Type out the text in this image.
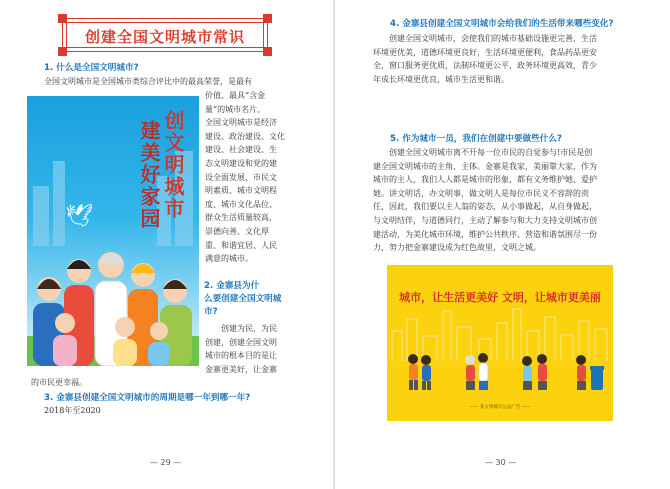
创建全国文明城市常识
1. 什么是全国文明城市?
全国文明城市是全国城市类综合评比中的最高荣誉，是最有
价值、最具“含金
量”的城市名片。
全国文明城市是经济
建设、政治建设、文化
建设、社会建设、生
态文明建设和党的建
设全面发展，市民文
明素质、城市文明程
度、城市文化品位、
群众生活质量较高，
崇德向善、文化厚
重、和谐宜居、人民
满意的城市。
创文明城市
建美好家园
🕊
2. 金寨县为什
么要创建全国文明城
市?
创建为民，为民
创建，创建全国文明
城市的根本目的是让
金寨更美好，让金寨
的市民更幸福。
3. 金寨县创建全国文明城市的周期是哪一年到哪一年?
2018年至2020
— 29 —
4. 金寨县创建全国文明城市会给我们的生活带来哪些变化?
创建全国文明城市，会使我们的城市基础设施更完善，生活
环境更优美，道德环境更良好，生活环境更便利，食品药品更安
全，窗口服务更优质，法制环境更公平，政务环境更高效，青少
年成长环境更优良，城市生活更和谐。
5. 作为城市一员，我们在创建中要做些什么?
创建全国文明城市离不开每一位市民的自觉参与!市民是创
建全国文明城市的主角、主体。金寨是我家，美丽靠大家，作为
城市的主人，我们人人都是城市的形象，都有义务维护她、爱护
她。讲文明话，办文明事，做文明人是每位市民义不容辞的责
任，因此，我们要以主人翁的姿态，从小事做起，从自身做起，
与文明结伴，与道德同行，主动了解参与和大力支持文明城市创
建活动，为美化城市环境，维护公共秩序、营造和谐氛围尽一份
力，努力把金寨建设成为红色故里，文明之城。
城市，让生活更美好 文明，让城市更美丽
—— 某文明城市公益广告 ——
— 30 —
